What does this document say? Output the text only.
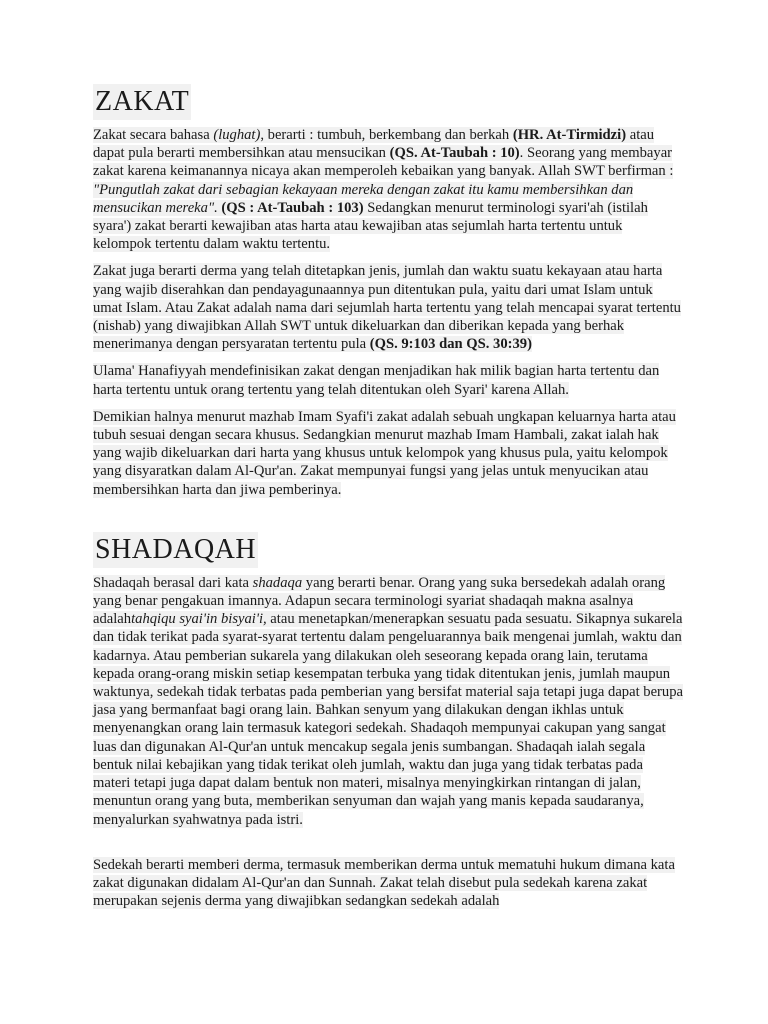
ZAKAT

Zakat secara bahasa (lughat), berarti : tumbuh, berkembang dan berkah (HR. At-Tirmidzi) atau dapat pula berarti membersihkan atau mensucikan (QS. At-Taubah : 10). Seorang yang membayar zakat karena keimanannya nicaya akan memperoleh kebaikan yang banyak. Allah SWT berfirman : "Pungutlah zakat dari sebagian kekayaan mereka dengan zakat itu kamu membersihkan dan mensucikan mereka". (QS : At-Taubah : 103) Sedangkan menurut terminologi syari'ah (istilah syara') zakat berarti kewajiban atas harta atau kewajiban atas sejumlah harta tertentu untuk kelompok tertentu dalam waktu tertentu.

Zakat juga berarti derma yang telah ditetapkan jenis, jumlah dan waktu suatu kekayaan atau harta yang wajib diserahkan dan pendayagunaannya pun ditentukan pula, yaitu dari umat Islam untuk umat Islam. Atau Zakat adalah nama dari sejumlah harta tertentu yang telah mencapai syarat tertentu (nishab) yang diwajibkan Allah SWT untuk dikeluarkan dan diberikan kepada yang berhak menerimanya dengan persyaratan tertentu pula (QS. 9:103 dan QS. 30:39)

Ulama' Hanafiyyah mendefinisikan zakat dengan menjadikan hak milik bagian harta tertentu dan harta tertentu untuk orang tertentu yang telah ditentukan oleh Syari' karena Allah.

Demikian halnya menurut mazhab Imam Syafi'i zakat adalah sebuah ungkapan keluarnya harta atau tubuh sesuai dengan secara khusus. Sedangkian menurut mazhab Imam Hambali, zakat ialah hak yang wajib dikeluarkan dari harta yang khusus untuk kelompok yang khusus pula, yaitu kelompok yang disyaratkan dalam Al-Qur'an. Zakat mempunyai fungsi yang jelas untuk menyucikan atau membersihkan harta dan jiwa pemberinya.

SHADAQAH

Shadaqah berasal dari kata shadaqa yang berarti benar. Orang yang suka bersedekah adalah orang yang benar pengakuan imannya. Adapun secara terminologi syariat shadaqah makna asalnya adalahtahqiqu syai'in bisyai'i, atau menetapkan/menerapkan sesuatu pada sesuatu. Sikapnya sukarela dan tidak terikat pada syarat-syarat tertentu dalam pengeluarannya baik mengenai jumlah, waktu dan kadarnya. Atau pemberian sukarela yang dilakukan oleh seseorang kepada orang lain, terutama kepada orang-orang miskin setiap kesempatan terbuka yang tidak ditentukan jenis, jumlah maupun waktunya, sedekah tidak terbatas pada pemberian yang bersifat material saja tetapi juga dapat berupa jasa yang bermanfaat bagi orang lain. Bahkan senyum yang dilakukan dengan ikhlas untuk menyenangkan orang lain termasuk kategori sedekah. Shadaqoh mempunyai cakupan yang sangat luas dan digunakan Al-Qur'an untuk mencakup segala jenis sumbangan. Shadaqah ialah segala bentuk nilai kebajikan yang tidak terikat oleh jumlah, waktu dan juga yang tidak terbatas pada materi tetapi juga dapat dalam bentuk non materi, misalnya menyingkirkan rintangan di jalan, menuntun orang yang buta, memberikan senyuman dan wajah yang manis kepada saudaranya, menyalurkan syahwatnya pada istri.

Sedekah berarti memberi derma, termasuk memberikan derma untuk mematuhi hukum dimana kata zakat digunakan didalam Al-Qur'an dan Sunnah. Zakat telah disebut pula sedekah karena zakat merupakan sejenis derma yang diwajibkan sedangkan sedekah adalah
